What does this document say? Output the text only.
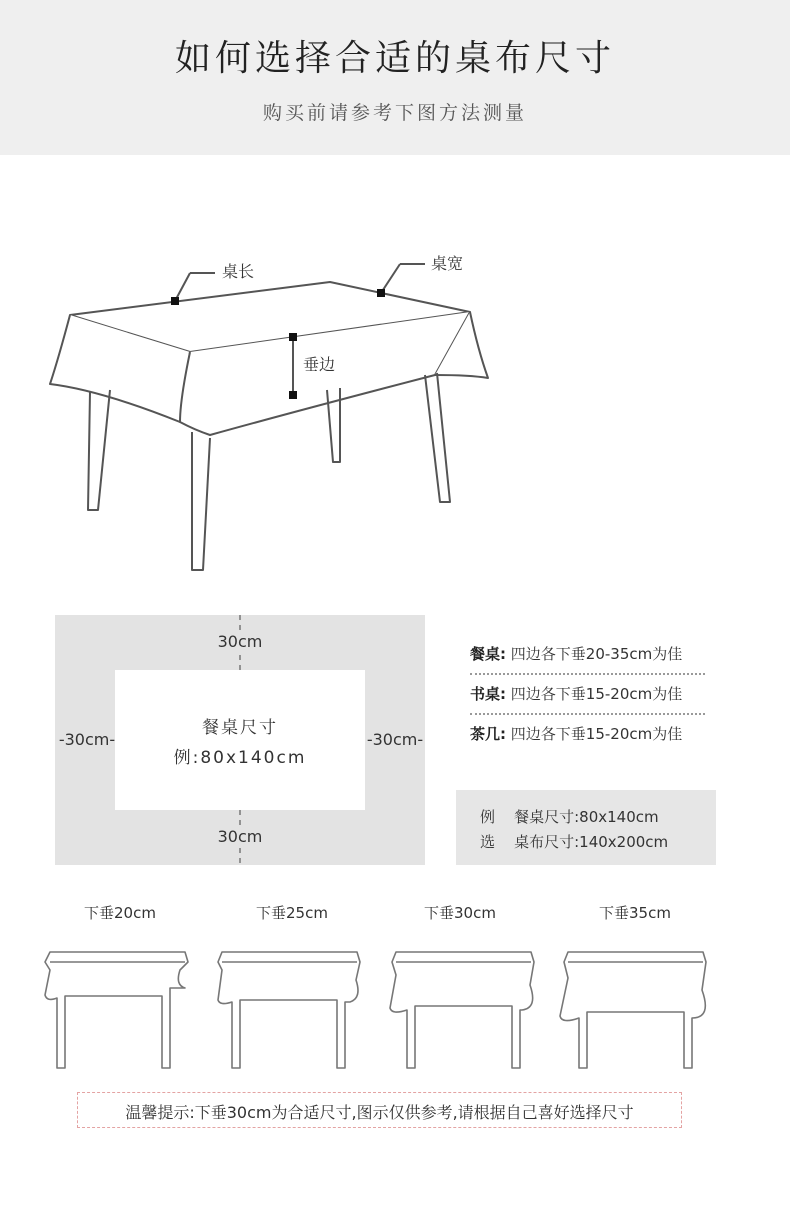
如何选择合适的桌布尺寸
购买前请参考下图方法测量
桌长	桌宽
垂边
30cm
30cm
-30cm-	-30cm-
餐桌尺寸
例:80x140cm
餐桌: 四边各下垂20-35cm为佳
书桌: 四边各下垂15-20cm为佳
茶几: 四边各下垂15-20cm为佳
例 餐桌尺寸:80x140cm
选 桌布尺寸:140x200cm
下垂20cm	下垂25cm	下垂30cm	下垂35cm
温馨提示:下垂30cm为合适尺寸,图示仅供参考,请根据自己喜好选择尺寸
